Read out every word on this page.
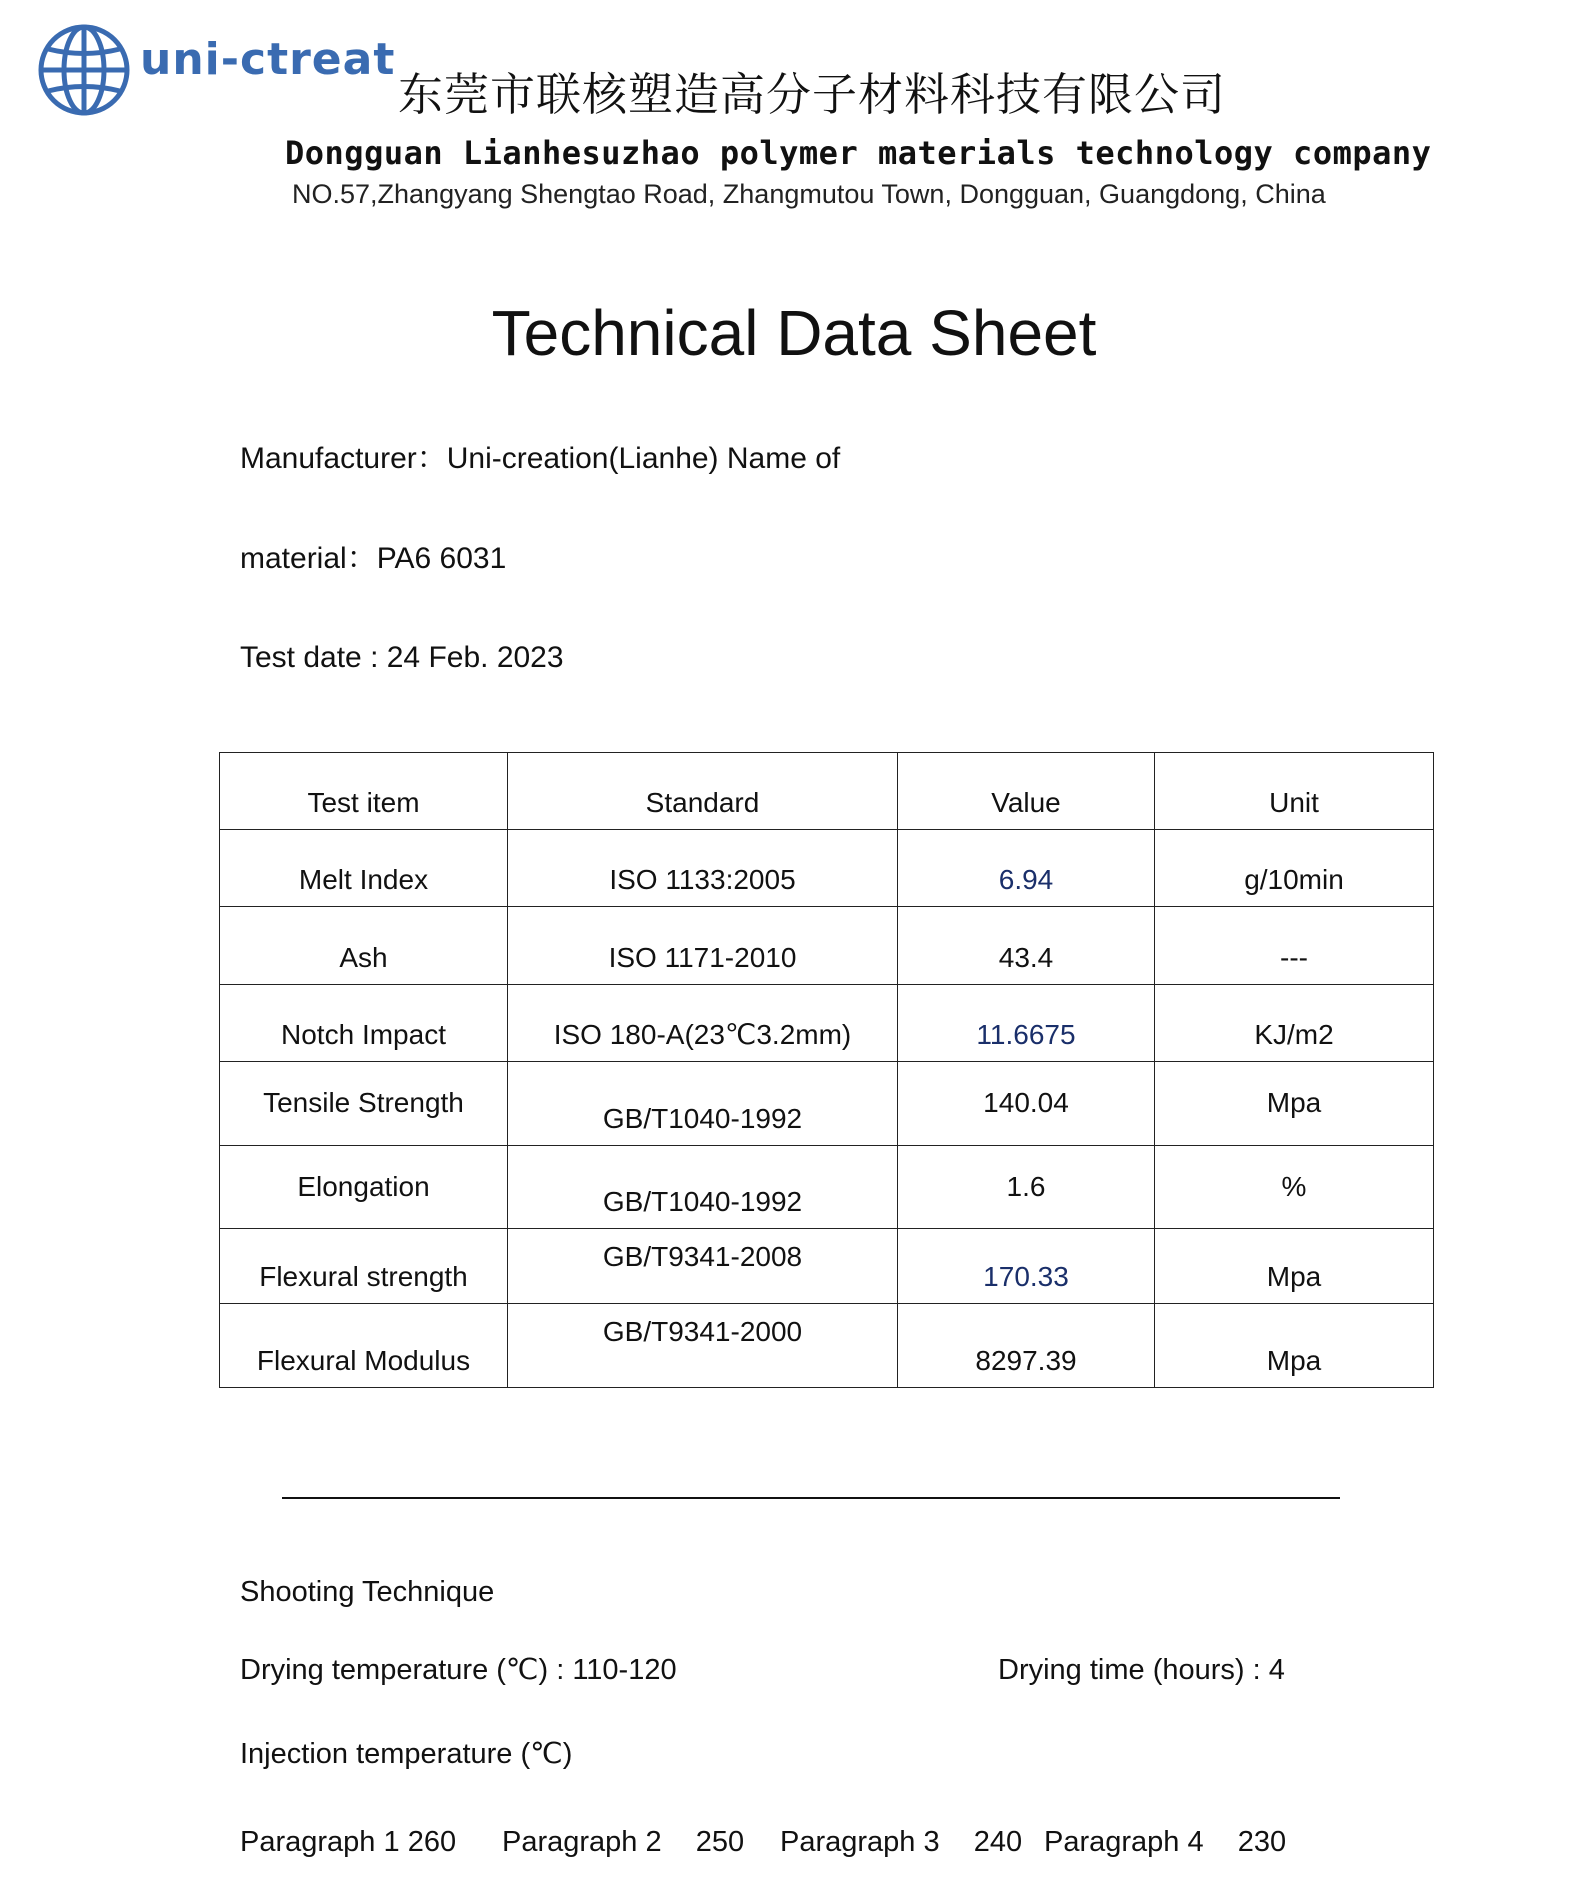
uni-ctreat
东莞市联核塑造高分子材料科技有限公司
Dongguan Lianhesuzhao polymer materials technology company
NO.57,Zhangyang Shengtao Road, Zhangmutou Town, Dongguan, Guangdong, China
Technical Data Sheet
Manufacturer：Uni-creation(Lianhe) Name of
material：PA6 6031
Test date : 24 Feb. 2023
Test item	Standard	Value	Unit
Melt Index	ISO 1133:2005	6.94	g/10min
Ash	ISO 1171-2010	43.4	---
Notch Impact	ISO 180-A(23℃3.2mm)	11.6675	KJ/m2
Tensile Strength	GB/T1040-1992	140.04	Mpa
Elongation	GB/T1040-1992	1.6	%
Flexural strength	GB/T9341-2008	170.33	Mpa
Flexural Modulus	GB/T9341-2000	8297.39	Mpa
Shooting Technique
Drying temperature (℃) : 110-120	Drying time (hours) : 4
Injection temperature (℃)
Paragraph 1 260 Paragraph 2 250 Paragraph 3 240 Paragraph 4 230
